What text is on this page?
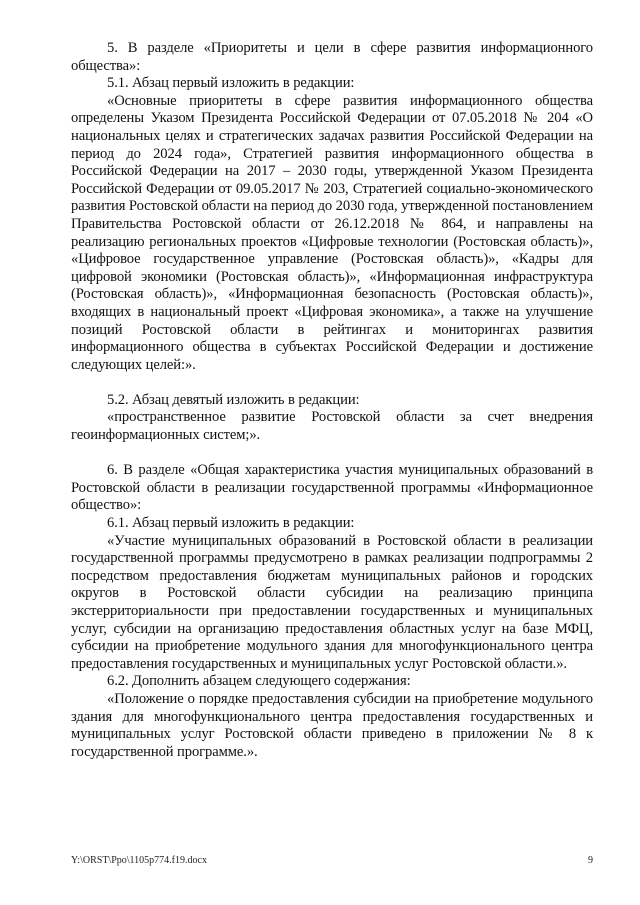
5. В разделе «Приоритеты и цели в сфере развития информационного общества»:

5.1. Абзац первый изложить в редакции:

«Основные приоритеты в сфере развития информационного общества определены Указом Президента Российской Федерации от 07.05.2018 № 204 «О национальных целях и стратегических задачах развития Российской Федерации на период до 2024 года», Стратегией развития информационного общества в Российской Федерации на 2017 – 2030 годы, утвержденной Указом Президента Российской Федерации от 09.05.2017 № 203, Стратегией социально-экономического развития Ростовской области на период до 2030 года, утвержденной постановлением Правительства Ростовской области от 26.12.2018 № 864, и направлены на реализацию региональных проектов «Цифровые технологии (Ростовская область)», «Цифровое государственное управление (Ростовская область)», «Кадры для цифровой экономики (Ростовская область)», «Информационная инфраструктура (Ростовская область)», «Информационная безопасность (Ростовская область)», входящих в национальный проект «Цифровая экономика», а также на улучшение позиций Ростовской области в рейтингах и мониторингах развития информационного общества в субъектах Российской Федерации и достижение следующих целей:».

5.2. Абзац девятый изложить в редакции:

«пространственное развитие Ростовской области за счет внедрения геоинформационных систем;».

6. В разделе «Общая характеристика участия муниципальных образований в Ростовской области в реализации государственной программы «Информационное общество»:

6.1. Абзац первый изложить в редакции:

«Участие муниципальных образований в Ростовской области в реализации государственной программы предусмотрено в рамках реализации подпрограммы 2 посредством предоставления бюджетам муниципальных районов и городских округов в Ростовской области субсидии на реализацию принципа экстерриториальности при предоставлении государственных и муниципальных услуг, субсидии на организацию предоставления областных услуг на базе МФЦ, субсидии на приобретение модульного здания для многофункционального центра предоставления государственных и муниципальных услуг Ростовской области.».

6.2. Дополнить абзацем следующего содержания:

«Положение о порядке предоставления субсидии на приобретение модульного здания для многофункционального центра предоставления государственных и муниципальных услуг Ростовской области приведено в приложении № 8 к государственной программе.».

Y:\ORST\Ppo\1105p774.f19.docx	9
